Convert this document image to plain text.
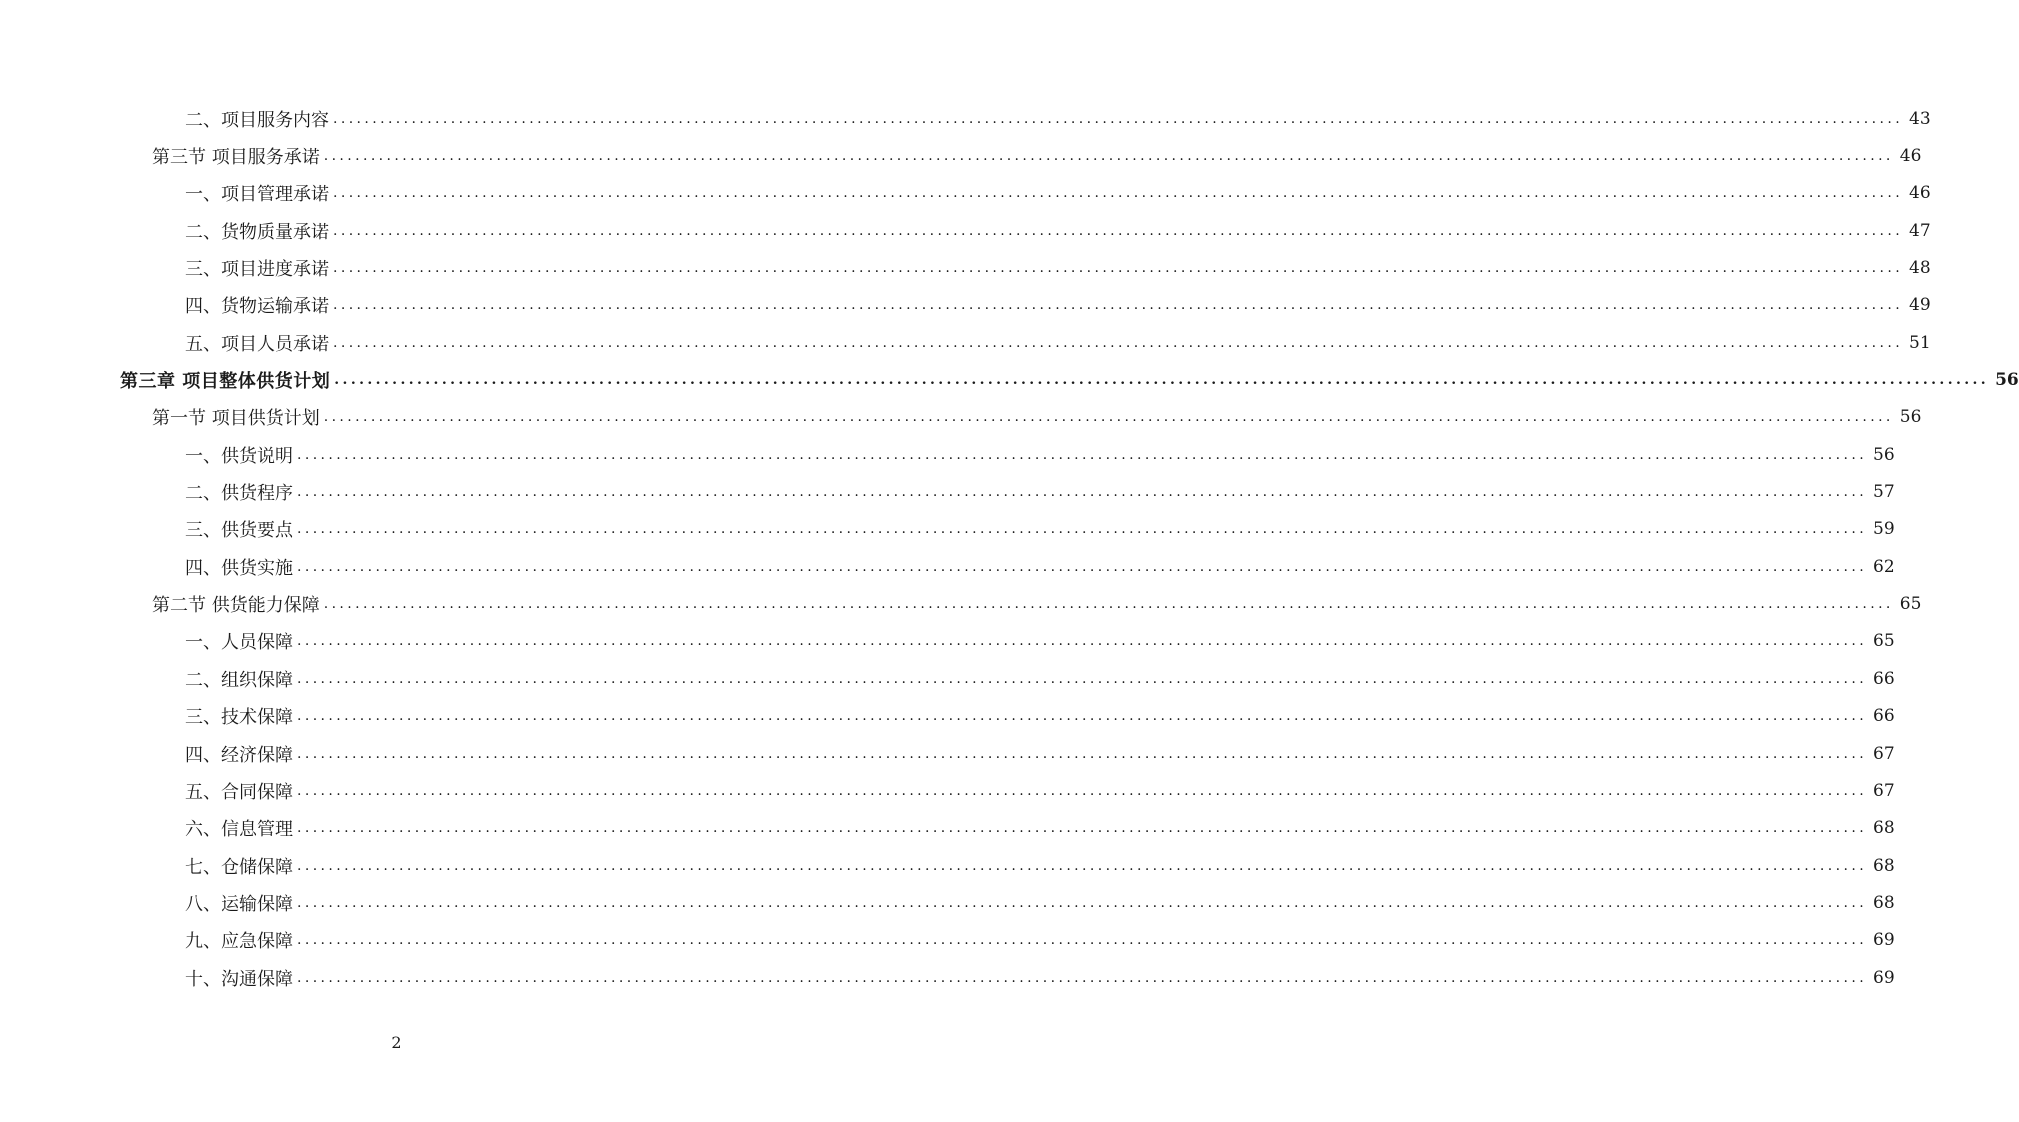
二、项目服务内容 ........................................................................................................................................................................................................ 43
第三节 项目服务承诺 ........................................................................................................................................................................................................ 46
一、项目管理承诺 ........................................................................................................................................................................................................ 46
二、货物质量承诺 ........................................................................................................................................................................................................ 47
三、项目进度承诺 ........................................................................................................................................................................................................ 48
四、货物运输承诺 ........................................................................................................................................................................................................ 49
五、项目人员承诺 ........................................................................................................................................................................................................ 51
第三章 项目整体供货计划 ........................................................................................................................................................................................................ 56
第一节 项目供货计划 ........................................................................................................................................................................................................ 56
一、供货说明 ........................................................................................................................................................................................................ 56
二、供货程序 ........................................................................................................................................................................................................ 57
三、供货要点 ........................................................................................................................................................................................................ 59
四、供货实施 ........................................................................................................................................................................................................ 62
第二节 供货能力保障 ........................................................................................................................................................................................................ 65
一、人员保障 ........................................................................................................................................................................................................ 65
二、组织保障 ........................................................................................................................................................................................................ 66
三、技术保障 ........................................................................................................................................................................................................ 66
四、经济保障 ........................................................................................................................................................................................................ 67
五、合同保障 ........................................................................................................................................................................................................ 67
六、信息管理 ........................................................................................................................................................................................................ 68
七、仓储保障 ........................................................................................................................................................................................................ 68
八、运输保障 ........................................................................................................................................................................................................ 68
九、应急保障 ........................................................................................................................................................................................................ 69
十、沟通保障 ........................................................................................................................................................................................................ 69
2
